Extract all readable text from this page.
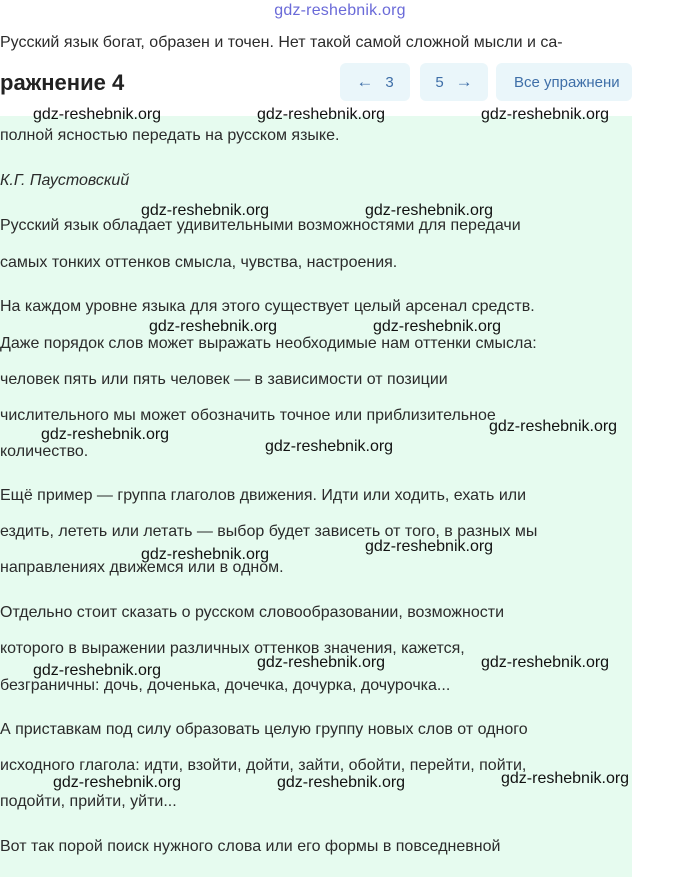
Русский язык богат, образен и точен. Нет такой самой сложной мысли и са-
gdz-reshebnik.org
ражнение 4	← 3	5 →	Все упражнени

полной ясностью передать на русском языке.

К.Г. Паустовский

Русский язык обладает удивительными возможностями для передачи

самых тонких оттенков смысла, чувства, настроения.

На каждом уровне языка для этого существует целый арсенал средств.

Даже порядок слов может выражать необходимые нам оттенки смысла:

человек пять или пять человек — в зависимости от позиции

числительного мы может обозначить точное или приблизительное

количество.

Ещё пример — группа глаголов движения. Идти или ходить, ехать или

ездить, лететь или летать — выбор будет зависеть от того, в разных мы

направлениях движемся или в одном.

Отдельно стоит сказать о русском словообразовании, возможности

которого в выражении различных оттенков значения, кажется,

безграничны: дочь, доченька, дочечка, дочурка, дочурочка...

А приставкам под силу образовать целую группу новых слов от одного

исходного глагола: идти, взойти, дойти, зайти, обойти, перейти, пойти,

подойти, прийти, уйти...

Вот так порой поиск нужного слова или его формы в повседневной

gdz-reshebnik.org	gdz-reshebnik.org	gdz-reshebnik.org
gdz-reshebnik.org	gdz-reshebnik.org
gdz-reshebnik.org	gdz-reshebnik.org
gdz-reshebnik.org
gdz-reshebnik.org
gdz-reshebnik.org
gdz-reshebnik.org	gdz-reshebnik.org
gdz-reshebnik.org	gdz-reshebnik.org	gdz-reshebnik.org
gdz-reshebnik.org	gdz-reshebnik.org	gdz-reshebnik.org
